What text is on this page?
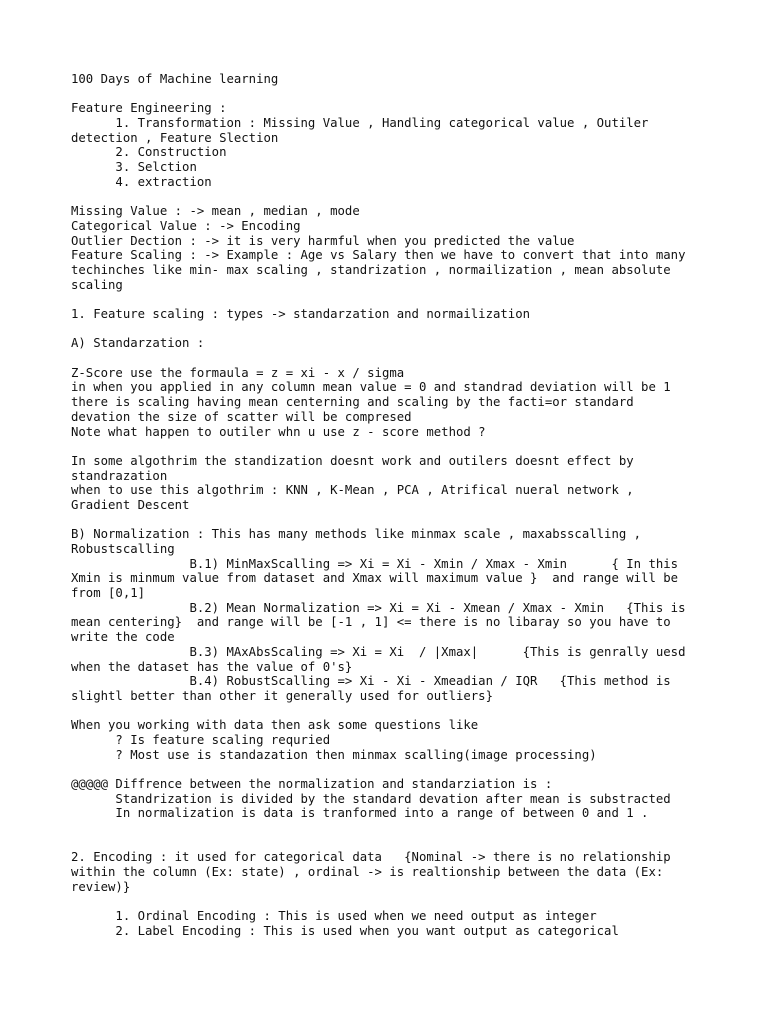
100 Days of Machine learning
Feature Engineering :
1. Transformation : Missing Value , Handling categorical value , Outiler
detection , Feature Slection
2. Construction
3. Selction
4. extraction
Missing Value : -> mean , median , mode
Categorical Value : -> Encoding
Outlier Dection : -> it is very harmful when you predicted the value
Feature Scaling : -> Example : Age vs Salary then we have to convert that into many
techinches like min- max scaling , standrization , normailization , mean absolute
scaling
1. Feature scaling : types -> standarzation and normailization
A) Standarzation :
Z-Score use the formaula = z = xi - x / sigma
in when you applied in any column mean value = 0 and standrad deviation will be 1
there is scaling having mean centerning and scaling by the facti=or standard
devation the size of scatter will be compresed
Note what happen to outiler whn u use z - score method ?
In some algothrim the standization doesnt work and outilers doesnt effect by
standrazation
when to use this algothrim : KNN , K-Mean , PCA , Atrifical nueral network ,
Gradient Descent
B) Normalization : This has many methods like minmax scale , maxabsscalling ,
Robustscalling
B.1) MinMaxScalling => Xi = Xi - Xmin / Xmax - Xmin      { In this
Xmin is minmum value from dataset and Xmax will maximum value }  and range will be
from [0,1]
B.2) Mean Normalization => Xi = Xi - Xmean / Xmax - Xmin   {This is
mean centering}  and range will be [-1 , 1] <= there is no libaray so you have to
write the code
B.3) MAxAbsScaling => Xi = Xi  / |Xmax|      {This is genrally uesd
when the dataset has the value of 0's}
B.4) RobustScalling => Xi - Xi - Xmeadian / IQR   {This method is
slightl better than other it generally used for outliers}
When you working with data then ask some questions like
? Is feature scaling requried
? Most use is standazation then minmax scalling(image processing)
@@@@@ Diffrence between the normalization and standarziation is :
Standrization is divided by the standard devation after mean is substracted
In normalization is data is tranformed into a range of between 0 and 1 .
2. Encoding : it used for categorical data   {Nominal -> there is no relationship
within the column (Ex: state) , ordinal -> is realtionship between the data (Ex:
review)}
1. Ordinal Encoding : This is used when we need output as integer
2. Label Encoding : This is used when you want output as categorical
